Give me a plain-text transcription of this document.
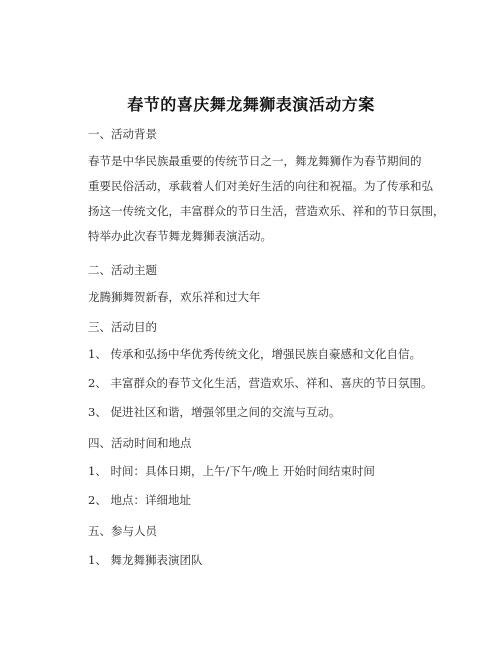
春节的喜庆舞龙舞狮表演活动方案
一、活动背景
春节是中华民族最重要的传统节日之一，舞龙舞狮作为春节期间的
重要民俗活动，承载着人们对美好生活的向往和祝福。为了传承和弘
扬这一传统文化，丰富群众的节日生活，营造欢乐、祥和的节日氛围，
特举办此次春节舞龙舞狮表演活动。
二、活动主题
龙腾狮舞贺新春，欢乐祥和过大年
三、活动目的
1、 传承和弘扬中华优秀传统文化，增强民族自豪感和文化自信。
2、 丰富群众的春节文化生活，营造欢乐、祥和、喜庆的节日氛围。
3、 促进社区和谐，增强邻里之间的交流与互动。
四、活动时间和地点
1、 时间：具体日期，上午/下午/晚上 开始时间结束时间
2、 地点：详细地址
五、参与人员
1、 舞龙舞狮表演团队
